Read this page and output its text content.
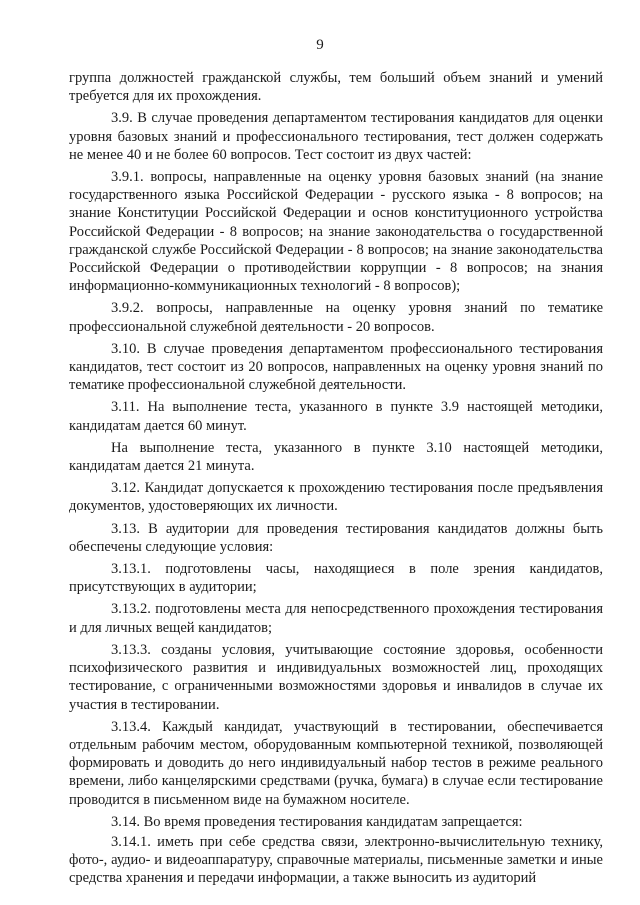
9

группа должностей гражданской службы, тем больший объем знаний и умений требуется для их прохождения.

3.9. В случае проведения департаментом тестирования кандидатов для оценки уровня базовых знаний и профессионального тестирования, тест должен содержать не менее 40 и не более 60 вопросов. Тест состоит из двух частей:

3.9.1. вопросы, направленные на оценку уровня базовых знаний (на знание государственного языка Российской Федерации - русского языка - 8 вопросов; на знание Конституции Российской Федерации и основ конституционного устройства Российской Федерации - 8 вопросов; на знание законодательства о государственной гражданской службе Российской Федерации - 8 вопросов; на знание законодательства Российской Федерации о противодействии коррупции - 8 вопросов; на знания информационно-коммуникационных технологий - 8 вопросов);

3.9.2. вопросы, направленные на оценку уровня знаний по тематике профессиональной служебной деятельности - 20 вопросов.

3.10. В случае проведения департаментом профессионального тестирования кандидатов, тест состоит из 20 вопросов, направленных на оценку уровня знаний по тематике профессиональной служебной деятельности.

3.11. На выполнение теста, указанного в пункте 3.9 настоящей методики, кандидатам дается 60 минут.

На выполнение теста, указанного в пункте 3.10 настоящей методики, кандидатам дается 21 минута.

3.12. Кандидат допускается к прохождению тестирования после предъявления документов, удостоверяющих их личности.

3.13. В аудитории для проведения тестирования кандидатов должны быть обеспечены следующие условия:

3.13.1. подготовлены часы, находящиеся в поле зрения кандидатов, присутствующих в аудитории;

3.13.2. подготовлены места для непосредственного прохождения тестирования и для личных вещей кандидатов;

3.13.3. созданы условия, учитывающие состояние здоровья, особенности психофизического развития и индивидуальных возможностей лиц, проходящих тестирование, с ограниченными возможностями здоровья и инвалидов в случае их участия в тестировании.

3.13.4. Каждый кандидат, участвующий в тестировании, обеспечивается отдельным рабочим местом, оборудованным компьютерной техникой, позволяющей формировать и доводить до него индивидуальный набор тестов в режиме реального времени, либо канцелярскими средствами (ручка, бумага) в случае если тестирование проводится в письменном виде на бумажном носителе.

3.14. Во время проведения тестирования кандидатам запрещается:

3.14.1. иметь при себе средства связи, электронно-вычислительную технику, фото-, аудио- и видеоаппаратуру, справочные материалы, письменные заметки и иные средства хранения и передачи информации, а также выносить из аудиторий
